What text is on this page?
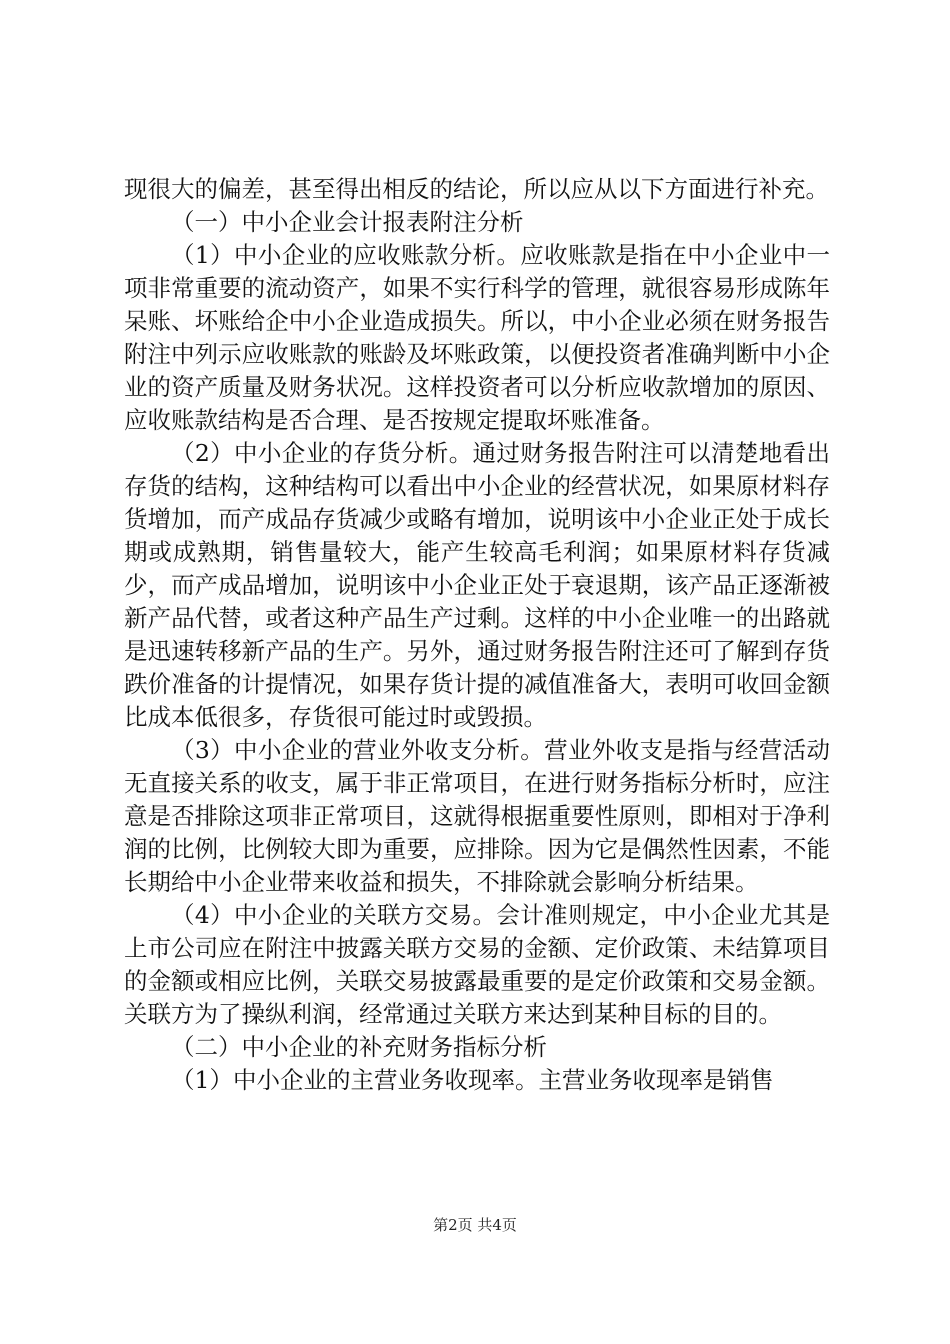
现很大的偏差，甚至得出相反的结论，所以应从以下方面进行补充。

（一）中小企业会计报表附注分析

（1）中小企业的应收账款分析。应收账款是指在中小企业中一项非常重要的流动资产，如果不实行科学的管理，就很容易形成陈年呆账、坏账给企中小企业造成损失。所以，中小企业必须在财务报告附注中列示应收账款的账龄及坏账政策，以便投资者准确判断中小企业的资产质量及财务状况。这样投资者可以分析应收款增加的原因、应收账款结构是否合理、是否按规定提取坏账准备。

（2）中小企业的存货分析。通过财务报告附注可以清楚地看出存货的结构，这种结构可以看出中小企业的经营状况，如果原材料存货增加，而产成品存货减少或略有增加，说明该中小企业正处于成长期或成熟期，销售量较大，能产生较高毛利润；如果原材料存货减少，而产成品增加，说明该中小企业正处于衰退期，该产品正逐渐被新产品代替，或者这种产品生产过剩。这样的中小企业唯一的出路就是迅速转移新产品的生产。另外，通过财务报告附注还可了解到存货跌价准备的计提情况，如果存货计提的减值准备大，表明可收回金额比成本低很多，存货很可能过时或毁损。

（3）中小企业的营业外收支分析。营业外收支是指与经营活动无直接关系的收支，属于非正常项目，在进行财务指标分析时，应注意是否排除这项非正常项目，这就得根据重要性原则，即相对于净利润的比例，比例较大即为重要，应排除。因为它是偶然性因素，不能长期给中小企业带来收益和损失，不排除就会影响分析结果。

（4）中小企业的关联方交易。会计准则规定，中小企业尤其是上市公司应在附注中披露关联方交易的金额、定价政策、未结算项目的金额或相应比例，关联交易披露最重要的是定价政策和交易金额。关联方为了操纵利润，经常通过关联方来达到某种目标的目的。

（二）中小企业的补充财务指标分析

（1）中小企业的主营业务收现率。主营业务收现率是销售

第2页 共4页
